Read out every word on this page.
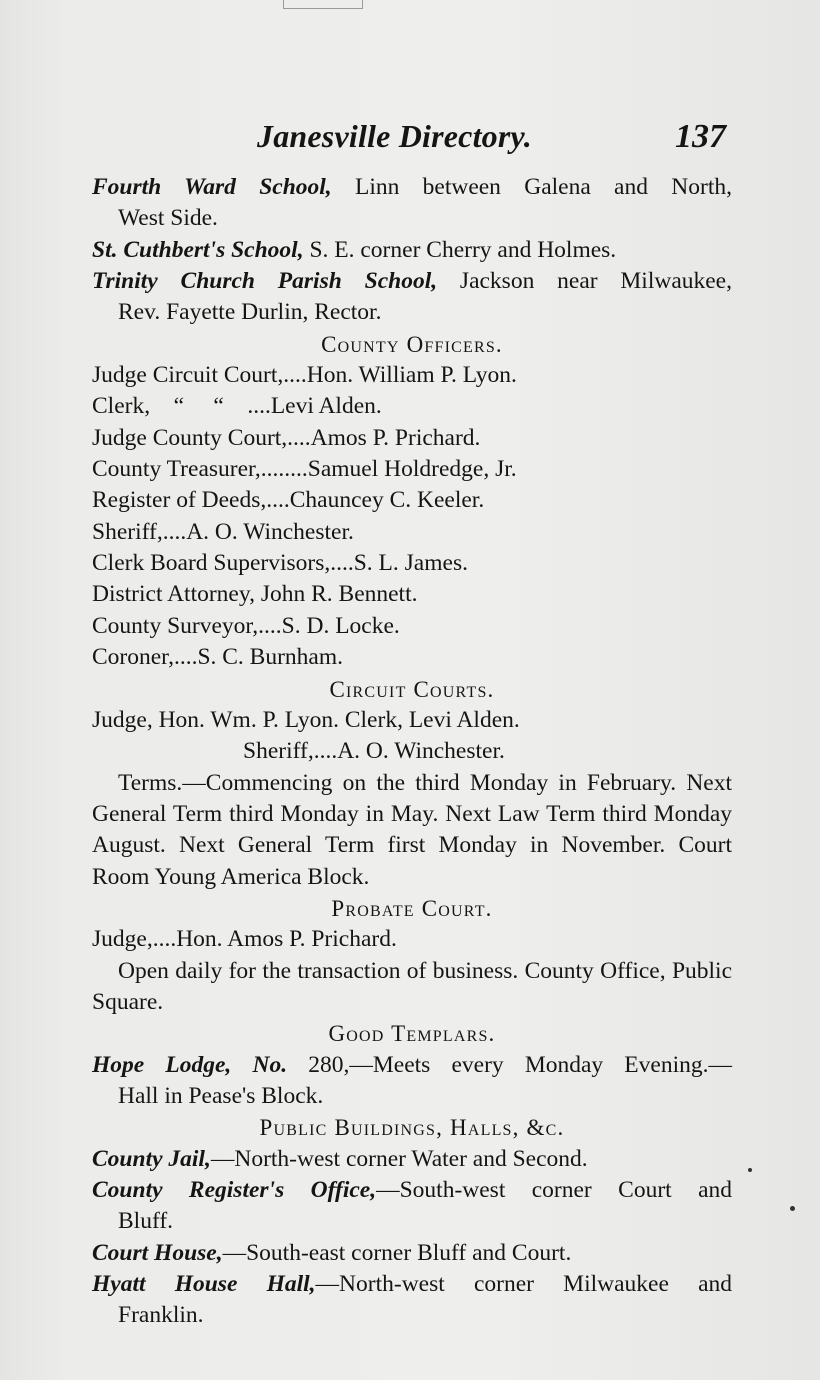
Janesville Directory.	137

Fourth Ward School, Linn between Galena and North,

West Side.

St. Cuthbert's School, S. E. corner Cherry and Holmes.

Trinity Church Parish School, Jackson near Milwaukee,

Rev. Fayette Durlin, Rector.

County Officers.

Judge Circuit Court,....Hon. William P. Lyon.

Clerk,    “     “    ....Levi Alden.

Judge County Court,....Amos P. Prichard.

County Treasurer,........Samuel Holdredge, Jr.

Register of Deeds,....Chauncey C. Keeler.

Sheriff,....A. O. Winchester.

Clerk Board Supervisors,....S. L. James.

District Attorney, John R. Bennett.

County Surveyor,....S. D. Locke.

Coroner,....S. C. Burnham.

Circuit Courts.

Judge, Hon. Wm. P. Lyon. Clerk, Levi Alden.

Sheriff,....A. O. Winchester.

Terms.—Commencing on the third Monday in February. Next General Term third Monday in May. Next Law Term third Monday August. Next General Term first Monday in November. Court Room Young America Block.

Probate Court.

Judge,....Hon. Amos P. Prichard.

Open daily for the transaction of business. County Office, Public Square.

Good Templars.

Hope Lodge, No. 280,—Meets every Monday Evening.—

Hall in Pease's Block.

Public Buildings, Halls, &c.

County Jail,—North-west corner Water and Second.

County Register's Office,—South-west corner Court and

Bluff.

Court House,—South-east corner Bluff and Court.

Hyatt House Hall,—North-west corner Milwaukee and

Franklin.
